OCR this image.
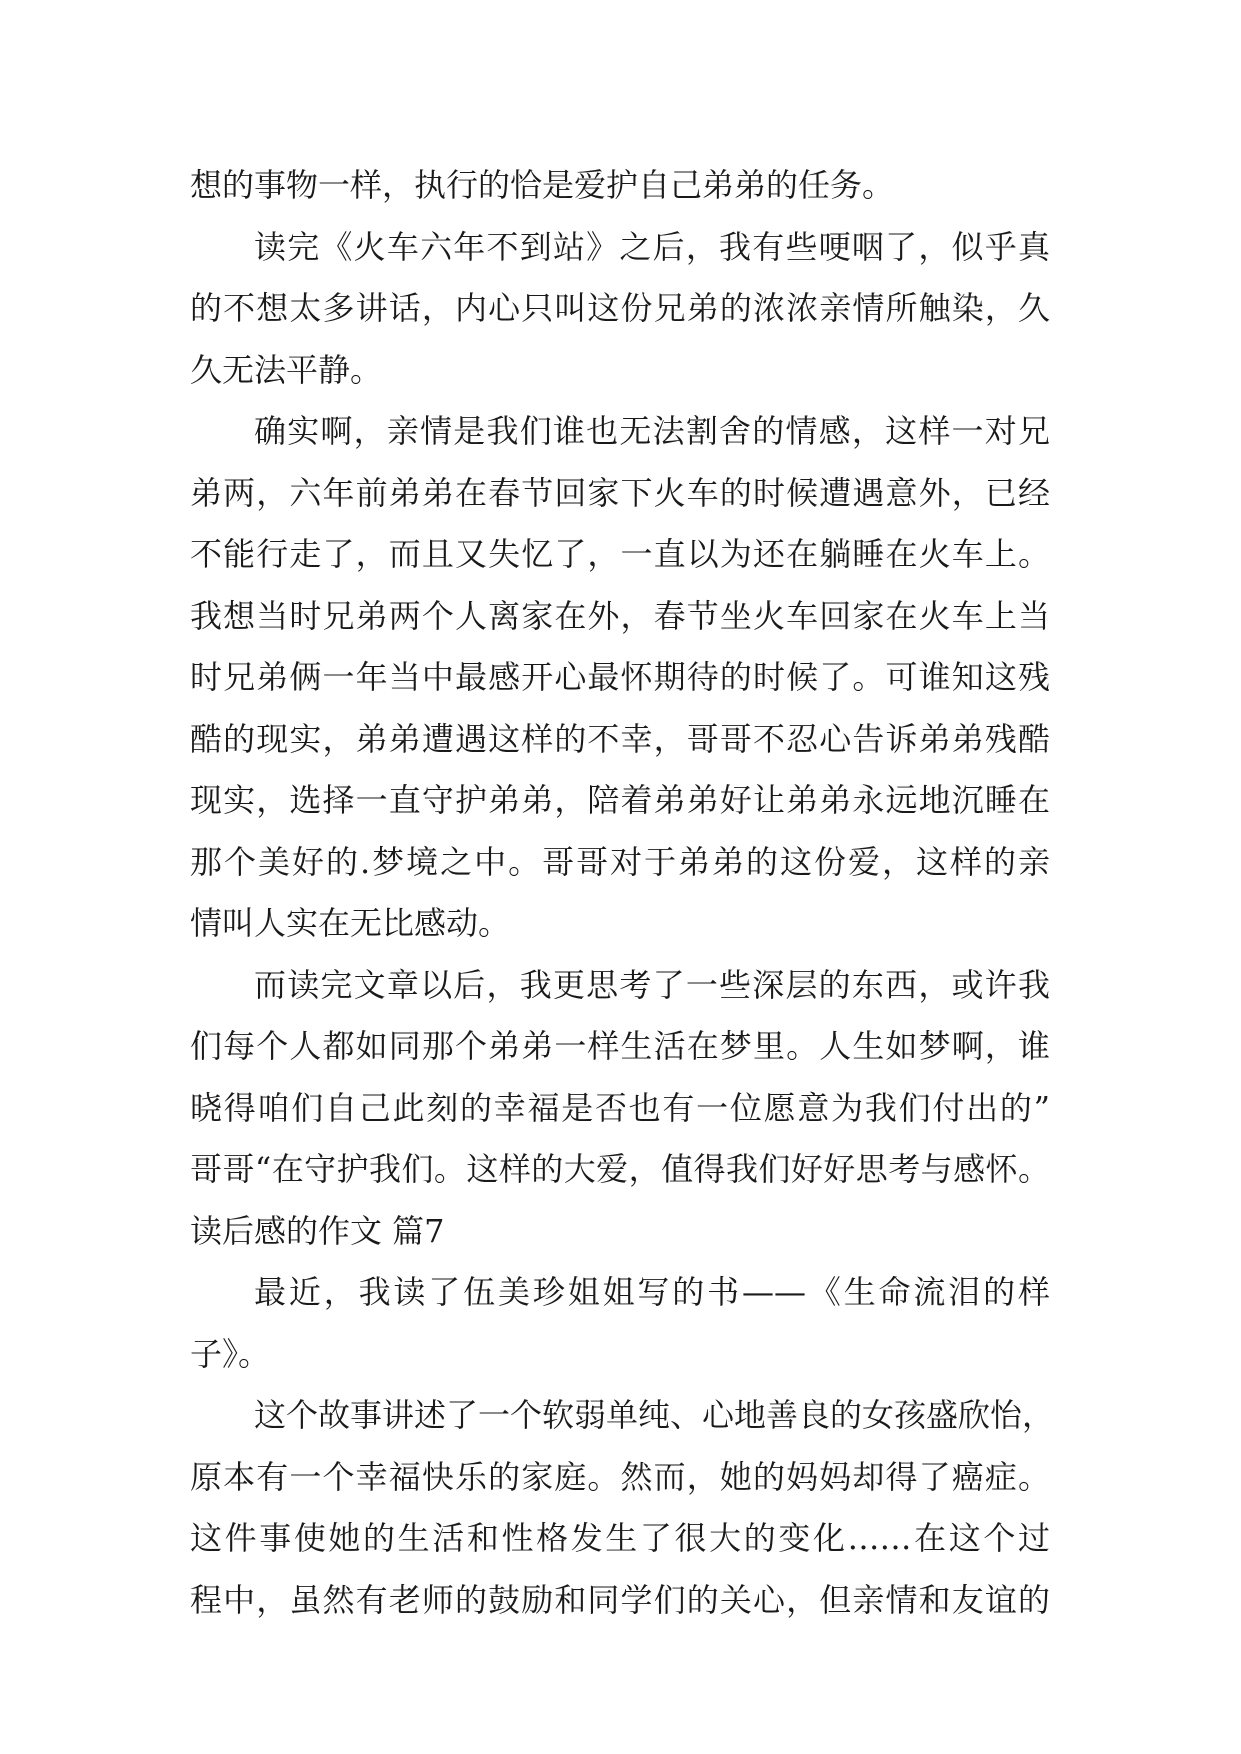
想的事物一样，执行的恰是爱护自己弟弟的任务。
读完《火车六年不到站》之后，我有些哽咽了，似乎真
的不想太多讲话，内心只叫这份兄弟的浓浓亲情所触染，久
久无法平静。
确实啊，亲情是我们谁也无法割舍的情感，这样一对兄
弟两，六年前弟弟在春节回家下火车的时候遭遇意外，已经
不能行走了，而且又失忆了，一直以为还在躺睡在火车上。
我想当时兄弟两个人离家在外，春节坐火车回家在火车上当
时兄弟俩一年当中最感开心最怀期待的时候了。可谁知这残
酷的现实，弟弟遭遇这样的不幸，哥哥不忍心告诉弟弟残酷
现实，选择一直守护弟弟，陪着弟弟好让弟弟永远地沉睡在
那个美好的.梦境之中。哥哥对于弟弟的这份爱，这样的亲
情叫人实在无比感动。
而读完文章以后，我更思考了一些深层的东西，或许我
们每个人都如同那个弟弟一样生活在梦里。人生如梦啊，谁
晓得咱们自己此刻的幸福是否也有一位愿意为我们付出的”
哥哥“在守护我们。这样的大爱，值得我们好好思考与感怀。
读后感的作文 篇7
最近，我读了伍美珍姐姐写的书——《生命流泪的样
子》。
这个故事讲述了一个软弱单纯、心地善良的女孩盛欣怡，
原本有一个幸福快乐的家庭。然而，她的妈妈却得了癌症。
这件事使她的生活和性格发生了很大的变化……在这个过
程中，虽然有老师的鼓励和同学们的关心，但亲情和友谊的
